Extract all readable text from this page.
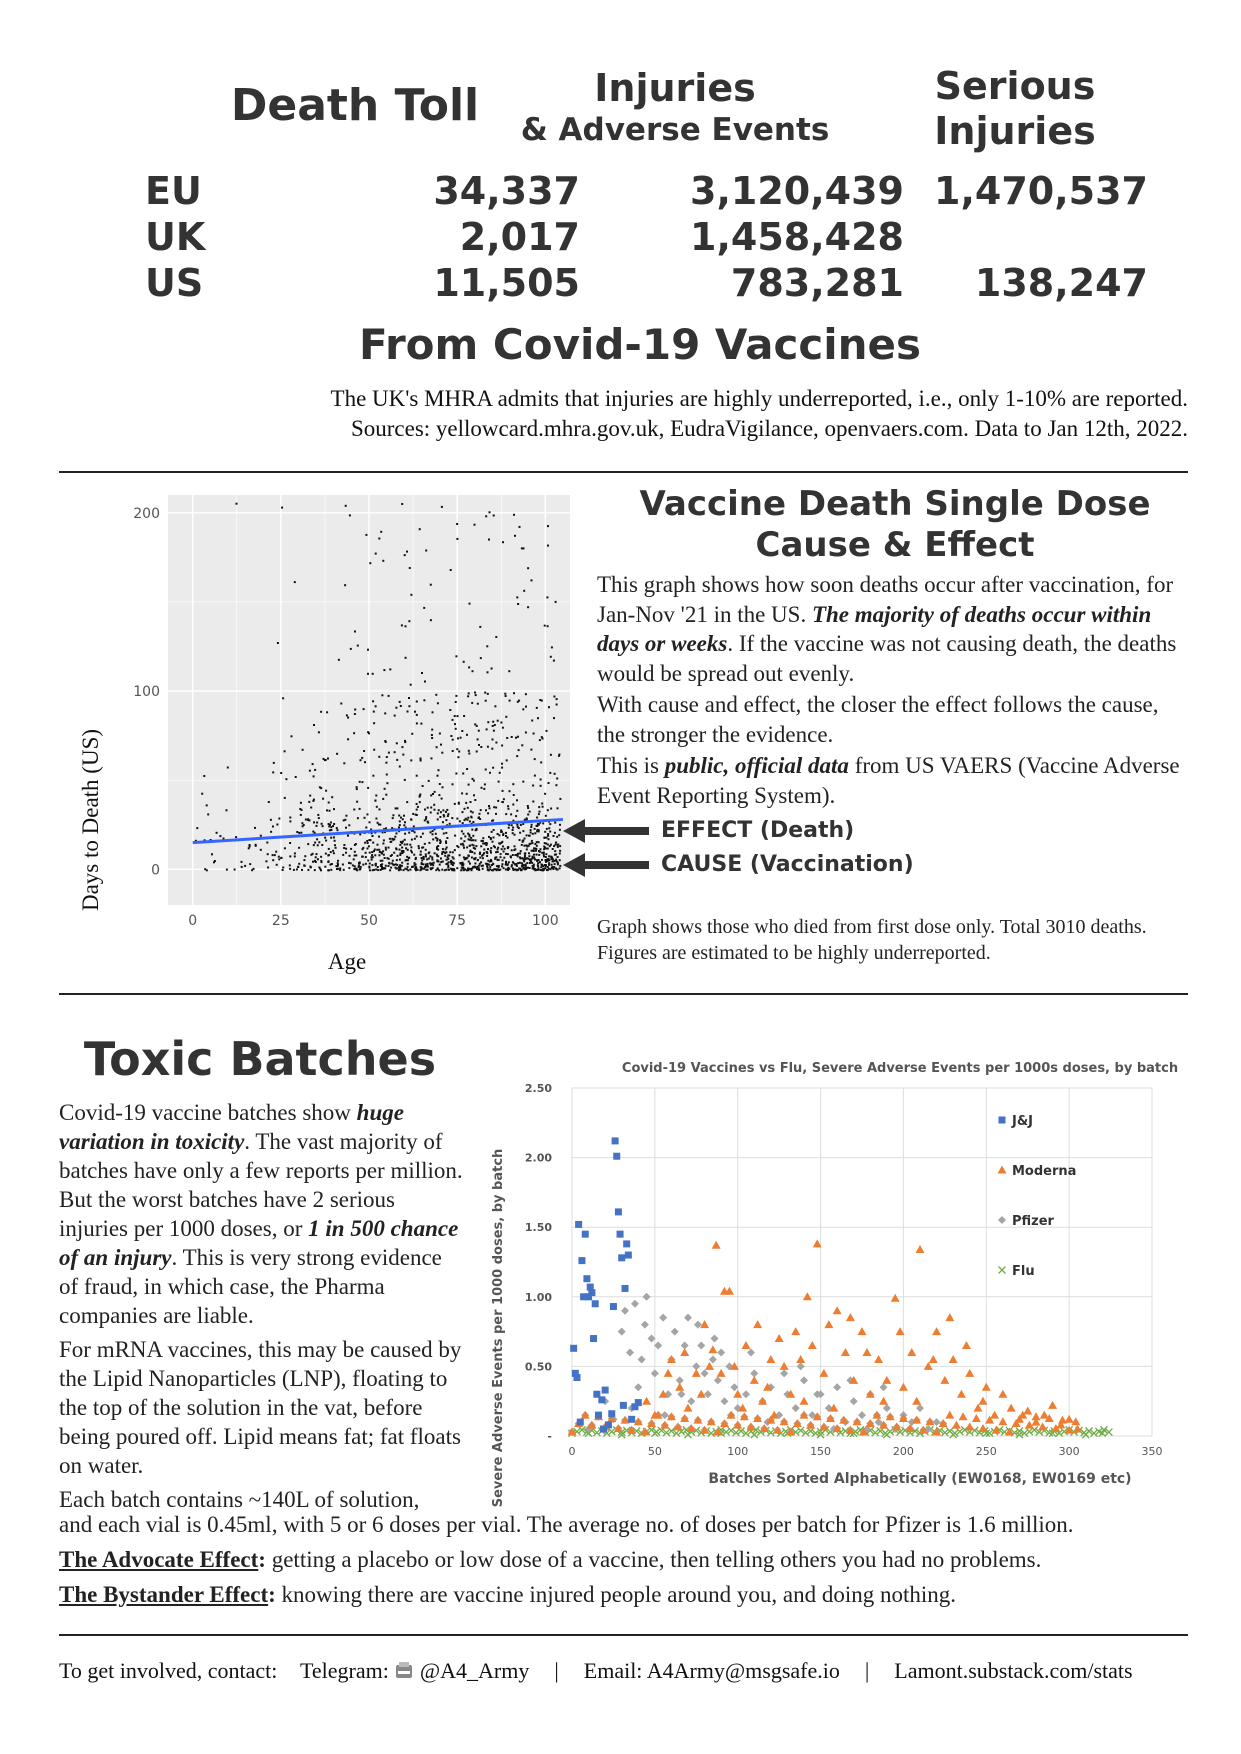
Death Toll	Injuries
& Adverse Events
Serious
Injuries
EU	34,337	3,120,439 1,470,537
UK	2,017	1,458,428
US	11,505	783,281 138,247
From Covid-19 Vaccines
The UK's MHRA admits that injuries are highly underreported, i.e., only 1-10% are reported.
Sources: yellowcard.mhra.gov.uk, EudraVigilance, openvaers.com. Data to Jan 12th, 2022.
0	25	50	75	100
0
100
200
Age
Days to Death (US)
Vaccine Death Single Dose
Cause & Effect

This graph shows how soon deaths occur after vaccination, for Jan-Nov '21 in the US. The majority of deaths occur within days or weeks. If the vaccine was not causing death, the deaths would be spread out evenly.

With cause and effect, the closer the effect follows the cause, the stronger the evidence.

This is public, official data from US VAERS (Vaccine Adverse Event Reporting System).

EFFECT (Death)
CAUSE (Vaccination)
Graph shows those who died from first dose only. Total 3010 deaths. Figures are estimated to be highly underreported.
Toxic Batches

Covid-19 vaccine batches show huge variation in toxicity. The vast majority of batches have only a few reports per million. But the worst batches have 2 serious injuries per 1000 doses, or 1 in 500 chance of an injury. This is very strong evidence of fraud, in which case, the Pharma companies are liable.

For mRNA vaccines, this may be caused by the Lipid Nanoparticles (LNP), floating to the top of the solution in the vat, before being poured off. Lipid means fat; fat floats on water.

Each batch contains ~140L of solution,

Covid-19 Vaccines vs Flu, Severe Adverse Events per 1000s doses, by batch
0	50	100	150	200	250	300	350
-
0.50
1.00
1.50
2.00
2.50
J&J
Moderna
Pfizer
Flu
Batches Sorted Alphabetically (EW0168, EW0169 etc)
Severe Adverse Events per 1000 doses, by batch

and each vial is 0.45ml, with 5 or 6 doses per vial. The average no. of doses per batch for Pfizer is 1.6 million.

The Advocate Effect: getting a placebo or low dose of a vaccine, then telling others you had no problems.

The Bystander Effect: knowing there are vaccine injured people around you, and doing nothing.

To get involved, contact: Telegram: @A4_Army | Email: A4Army@msgsafe.io | Lamont.substack.com/stats
